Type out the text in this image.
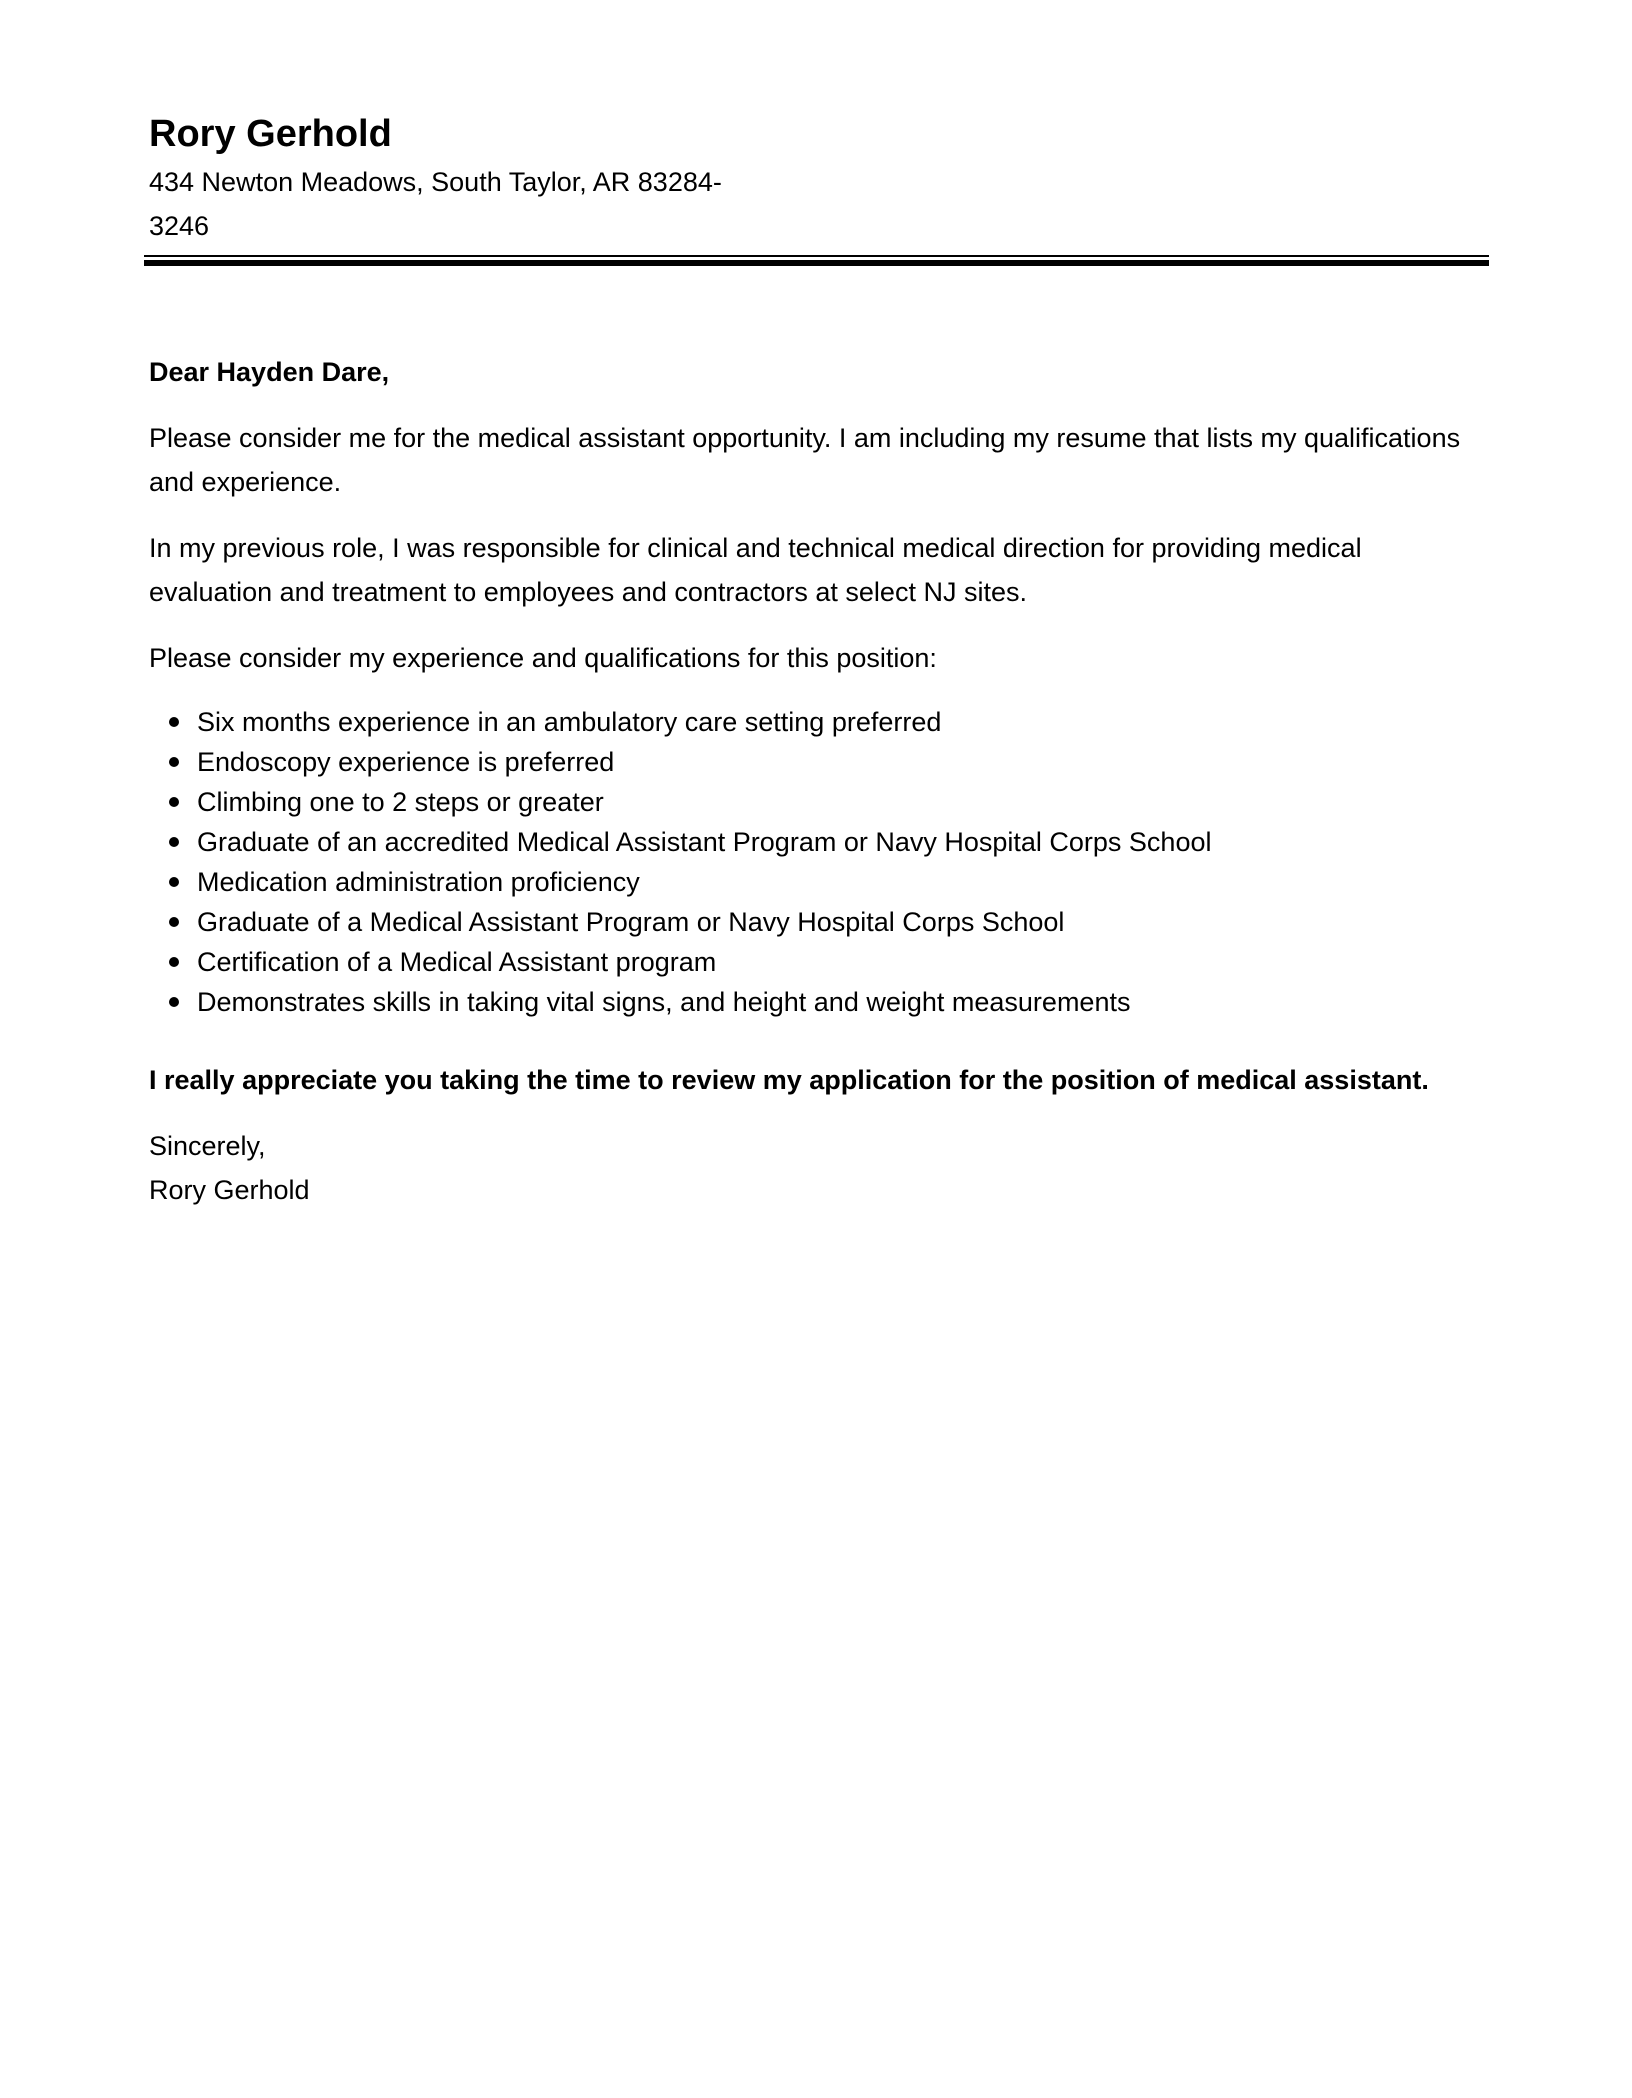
Rory Gerhold

434 Newton Meadows, South Taylor, AR 83284-3246

Dear Hayden Dare,

Please consider me for the medical assistant opportunity. I am including my resume that lists my qualifications and experience.

In my previous role, I was responsible for clinical and technical medical direction for providing medical evaluation and treatment to employees and contractors at select NJ sites.

Please consider my experience and qualifications for this position:

Six months experience in an ambulatory care setting preferred
Endoscopy experience is preferred
Climbing one to 2 steps or greater
Graduate of an accredited Medical Assistant Program or Navy Hospital Corps School
Medication administration proficiency
Graduate of a Medical Assistant Program or Navy Hospital Corps School
Certification of a Medical Assistant program
Demonstrates skills in taking vital signs, and height and weight measurements

I really appreciate you taking the time to review my application for the position of medical assistant.

Sincerely,

Rory Gerhold
